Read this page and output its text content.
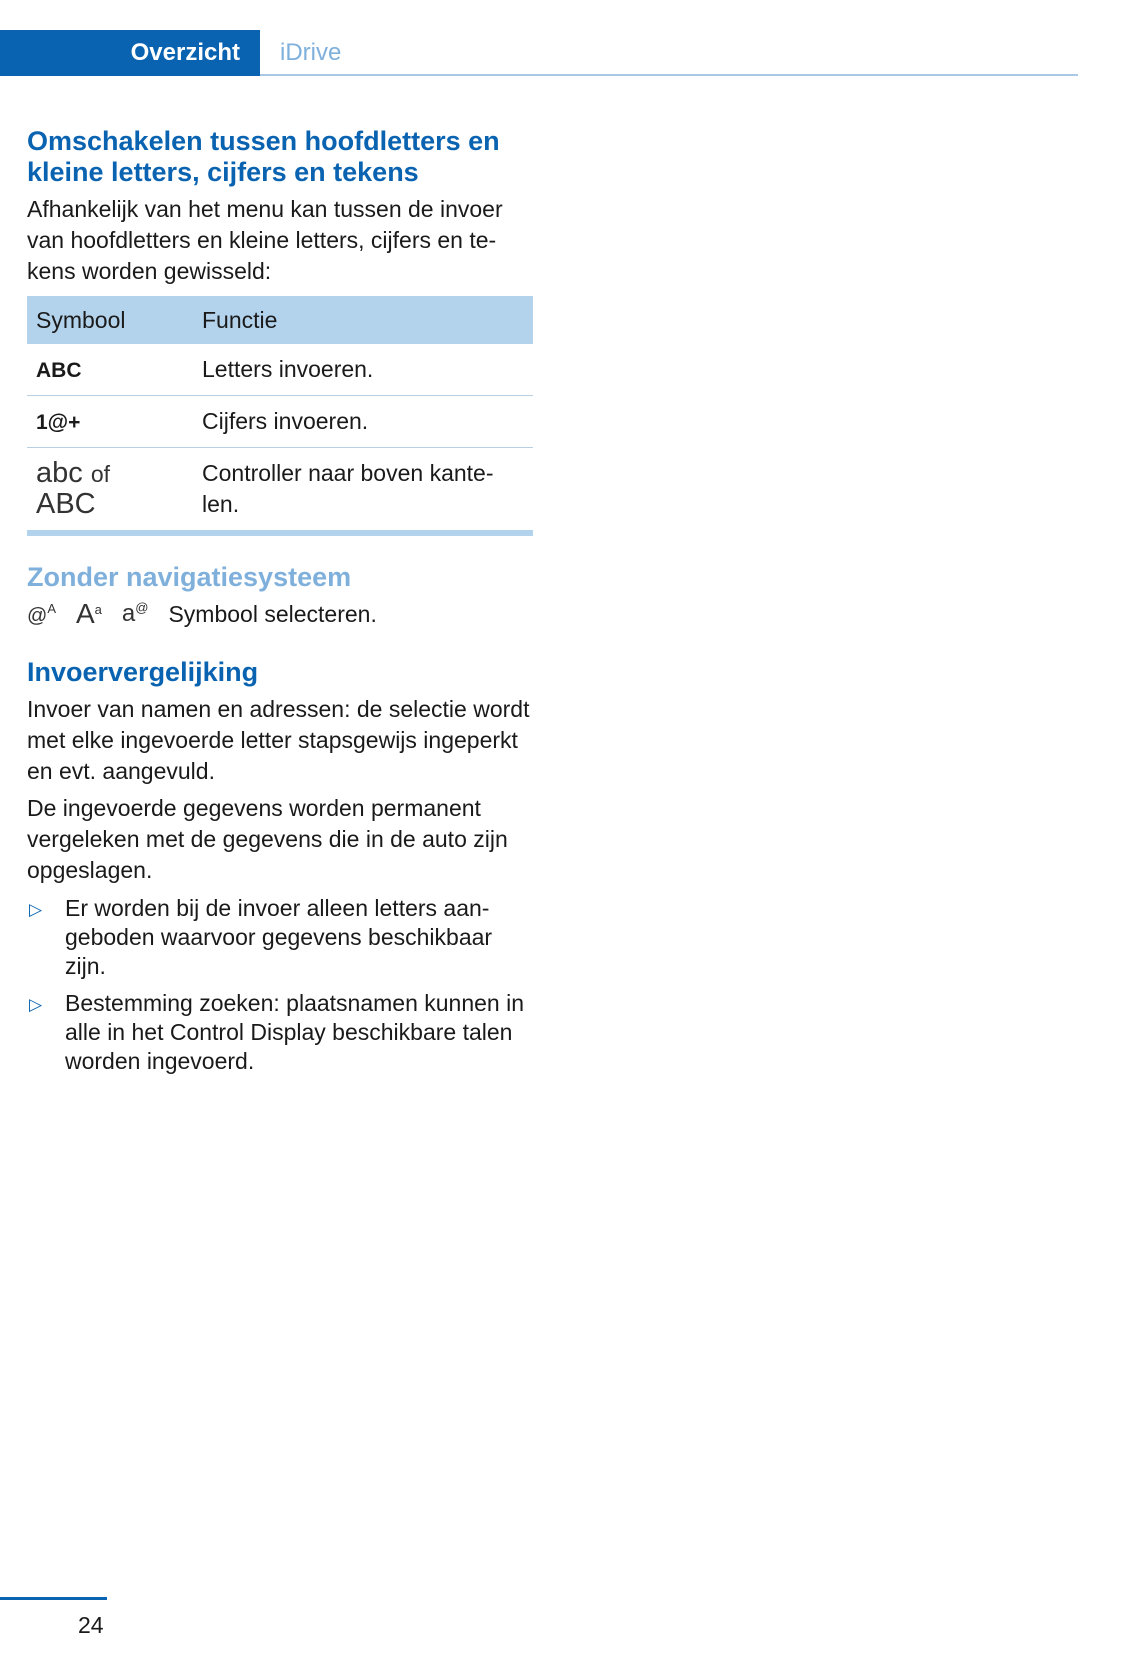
Overzicht	iDrive
Omschakelen tussen hoofdletters en kleine letters, cijfers en tekens

Afhankelijk van het menu kan tussen de invoer van hoofdletters en kleine letters, cijfers en te-kens worden gewisseld:

Symbool	Functie
ABC	Letters invoeren.
1@+	Cijfers invoeren.

abc of
ABC	Controller naar boven kante-len.
Zonder navigatiesysteem
@$^A$ $A^a$ a@ Symbool selecteren.
Invoervergelijking

Invoer van namen en adressen: de selectie wordt met elke ingevoerde letter stapsgewijs ingeperkt en evt. aangevuld.

De ingevoerde gegevens worden permanent vergeleken met de gegevens die in de auto zijn opgeslagen.

▷ Er worden bij de invoer alleen letters aan-geboden waarvoor gegevens beschikbaar zijn.
▷ Bestemming zoeken: plaatsnamen kunnen in alle in het Control Display beschikbare talen worden ingevoerd.
24
